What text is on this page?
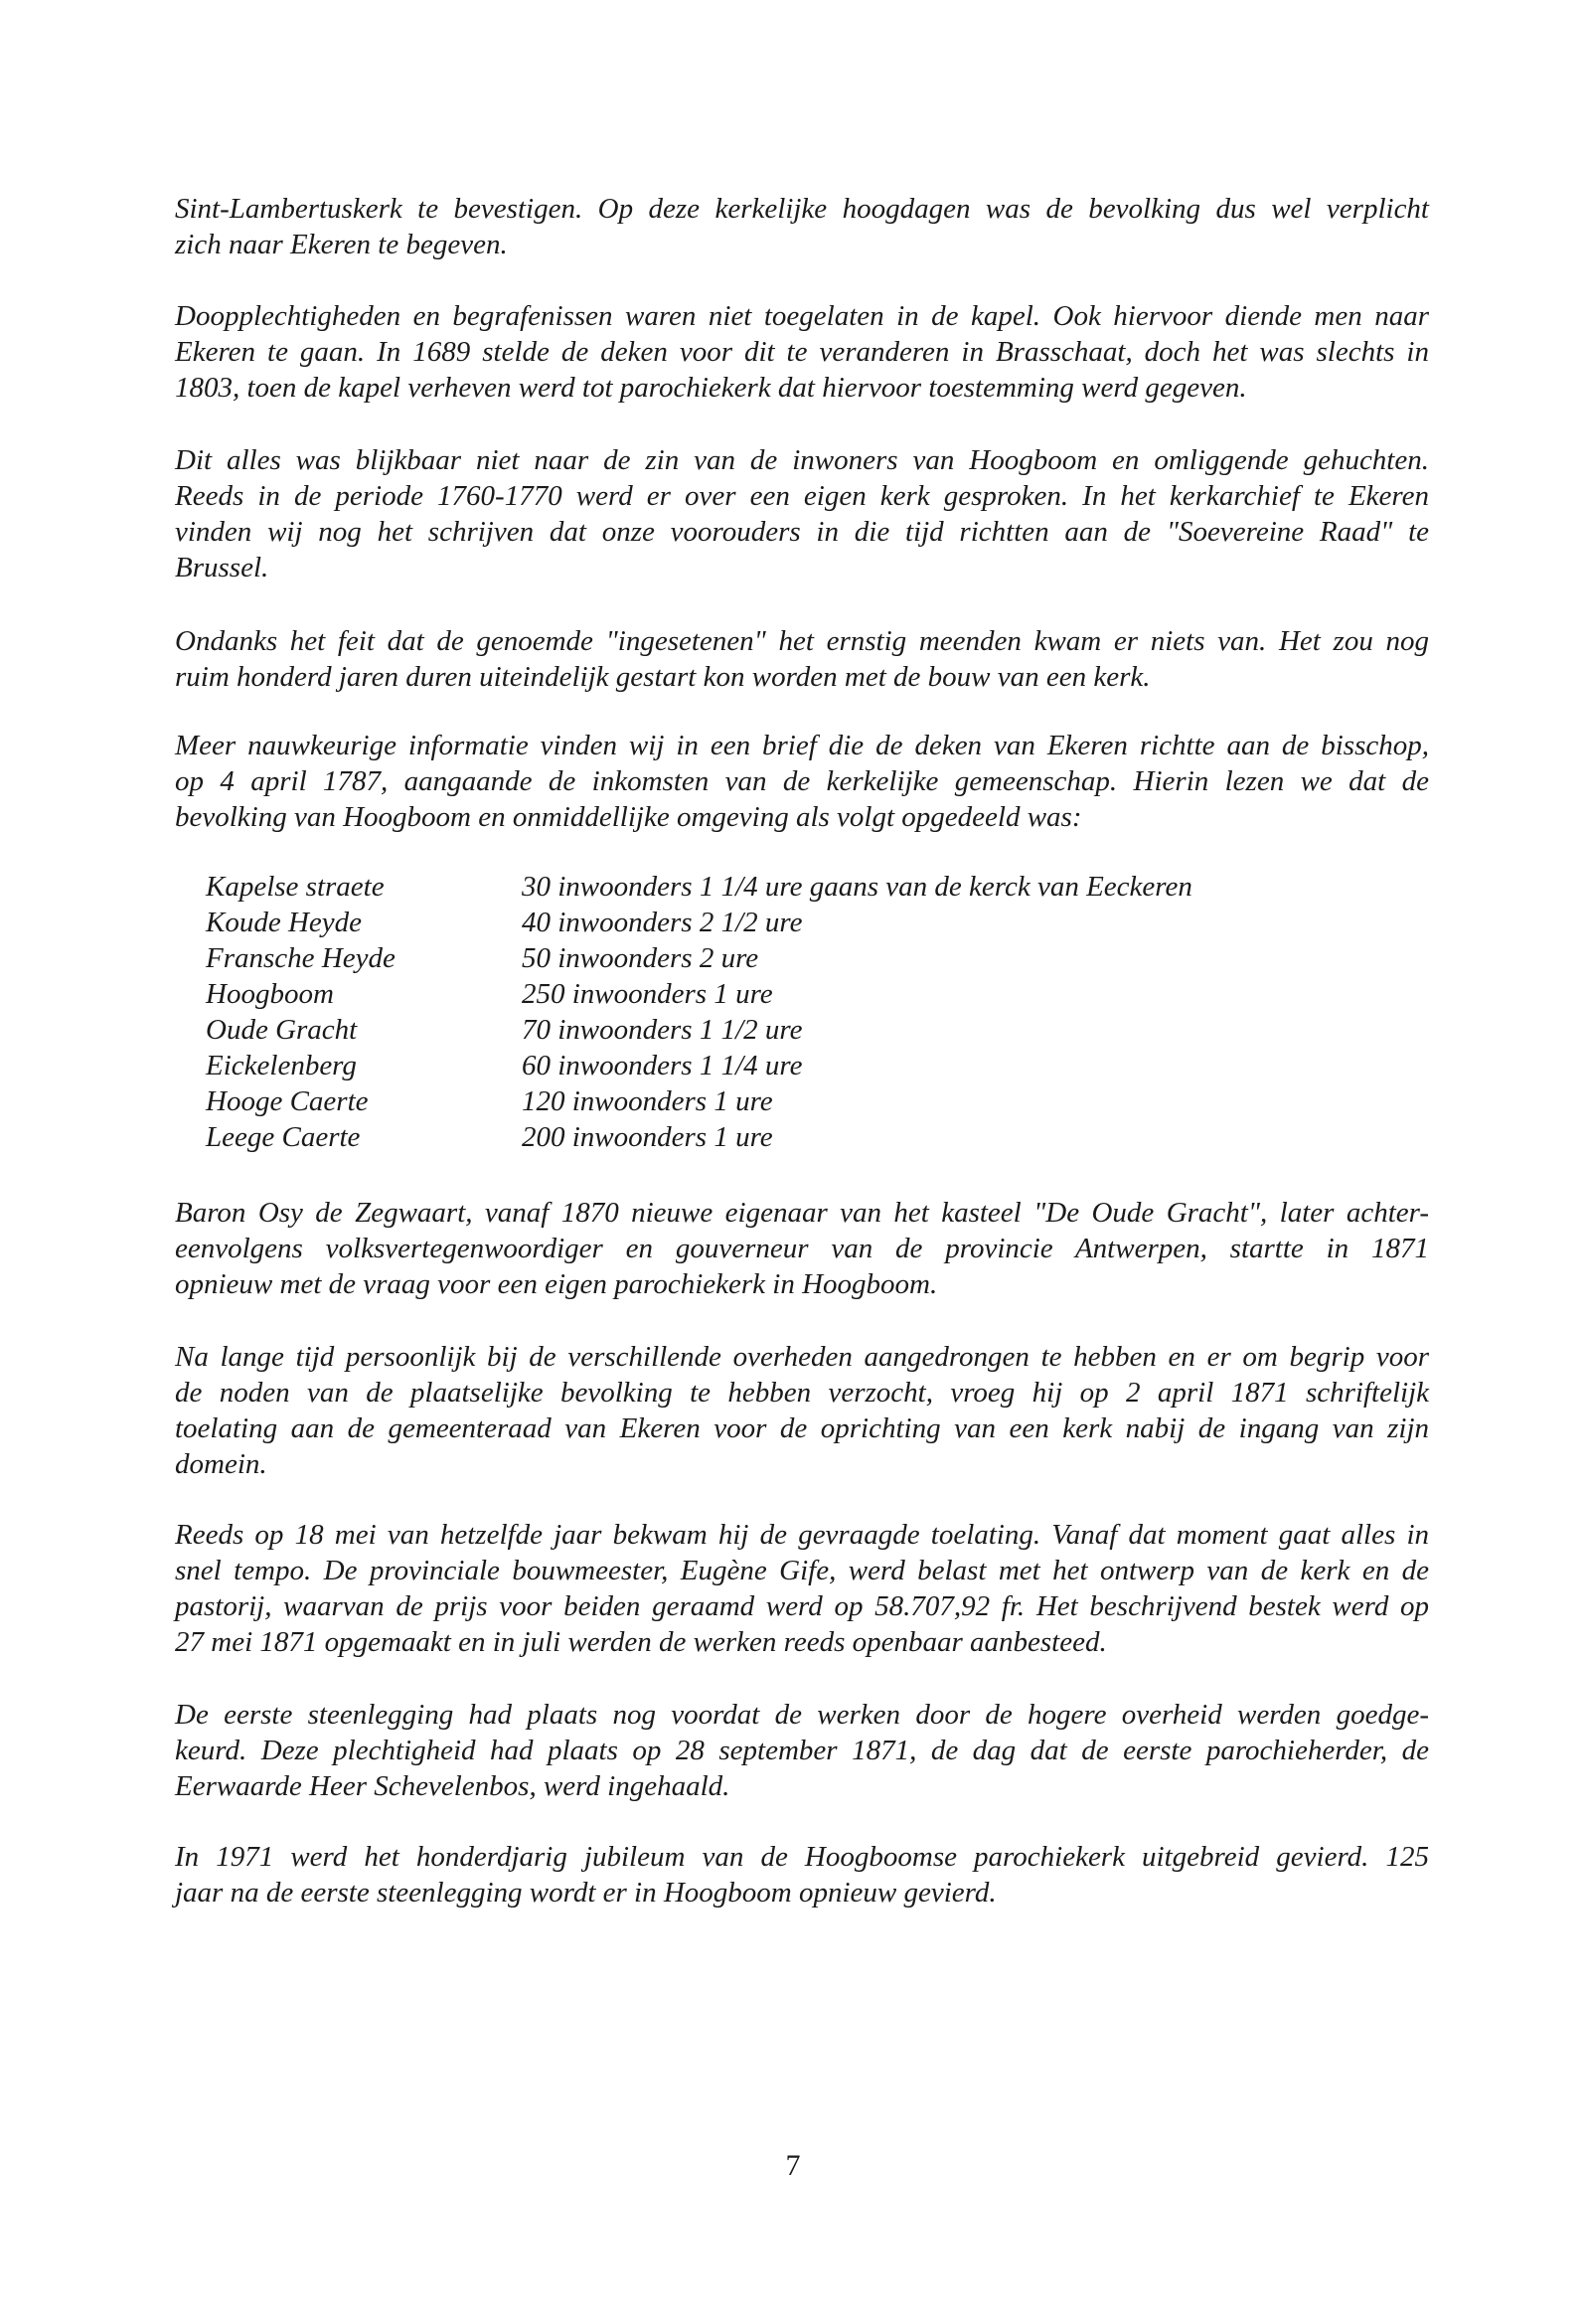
Sint-Lambertuskerk te bevestigen. Op deze kerkelijke hoogdagen was de bevolking dus wel verplicht
zich naar Ekeren te begeven.

Doopplechtigheden en begrafenissen waren niet toegelaten in de kapel. Ook hiervoor diende men naar
Ekeren te gaan. In 1689 stelde de deken voor dit te veranderen in Brasschaat, doch het was slechts in
1803, toen de kapel verheven werd tot parochiekerk dat hiervoor toestemming werd gegeven.

Dit alles was blijkbaar niet naar de zin van de inwoners van Hoogboom en omliggende gehuchten.
Reeds in de periode 1760-1770 werd er over een eigen kerk gesproken. In het kerkarchief te Ekeren
vinden wij nog het schrijven dat onze voorouders in die tijd richtten aan de "Soevereine Raad" te
Brussel.

Ondanks het feit dat de genoemde "ingesetenen" het ernstig meenden kwam er niets van. Het zou nog
ruim honderd jaren duren uiteindelijk gestart kon worden met de bouw van een kerk.

Meer nauwkeurige informatie vinden wij in een brief die de deken van Ekeren richtte aan de bisschop,
op 4 april 1787, aangaande de inkomsten van de kerkelijke gemeenschap. Hierin lezen we dat de
bevolking van Hoogboom en onmiddellijke omgeving als volgt opgedeeld was:

Kapelse straete	30 inwoonders 1 1/4 ure gaans van de kerck van Eeckeren
Koude Heyde	40 inwoonders 2 1/2 ure
Fransche Heyde	50 inwoonders 2 ure
Hoogboom	250 inwoonders 1 ure
Oude Gracht	70 inwoonders 1 1/2 ure
Eickelenberg	60 inwoonders 1 1/4 ure
Hooge Caerte	120 inwoonders 1 ure
Leege Caerte	200 inwoonders 1 ure

Baron Osy de Zegwaart, vanaf 1870 nieuwe eigenaar van het kasteel "De Oude Gracht", later achter-
eenvolgens volksvertegenwoordiger en gouverneur van de provincie Antwerpen, startte in 1871
opnieuw met de vraag voor een eigen parochiekerk in Hoogboom.

Na lange tijd persoonlijk bij de verschillende overheden aangedrongen te hebben en er om begrip voor
de noden van de plaatselijke bevolking te hebben verzocht, vroeg hij op 2 april 1871 schriftelijk
toelating aan de gemeenteraad van Ekeren voor de oprichting van een kerk nabij de ingang van zijn
domein.

Reeds op 18 mei van hetzelfde jaar bekwam hij de gevraagde toelating. Vanaf dat moment gaat alles in
snel tempo. De provinciale bouwmeester, Eugène Gife, werd belast met het ontwerp van de kerk en de
pastorij, waarvan de prijs voor beiden geraamd werd op 58.707,92 fr. Het beschrijvend bestek werd op
27 mei 1871 opgemaakt en in juli werden de werken reeds openbaar aanbesteed.

De eerste steenlegging had plaats nog voordat de werken door de hogere overheid werden goedge-
keurd. Deze plechtigheid had plaats op 28 september 1871, de dag dat de eerste parochieherder, de
Eerwaarde Heer Schevelenbos, werd ingehaald.

In 1971 werd het honderdjarig jubileum van de Hoogboomse parochiekerk uitgebreid gevierd. 125
jaar na de eerste steenlegging wordt er in Hoogboom opnieuw gevierd.

7
